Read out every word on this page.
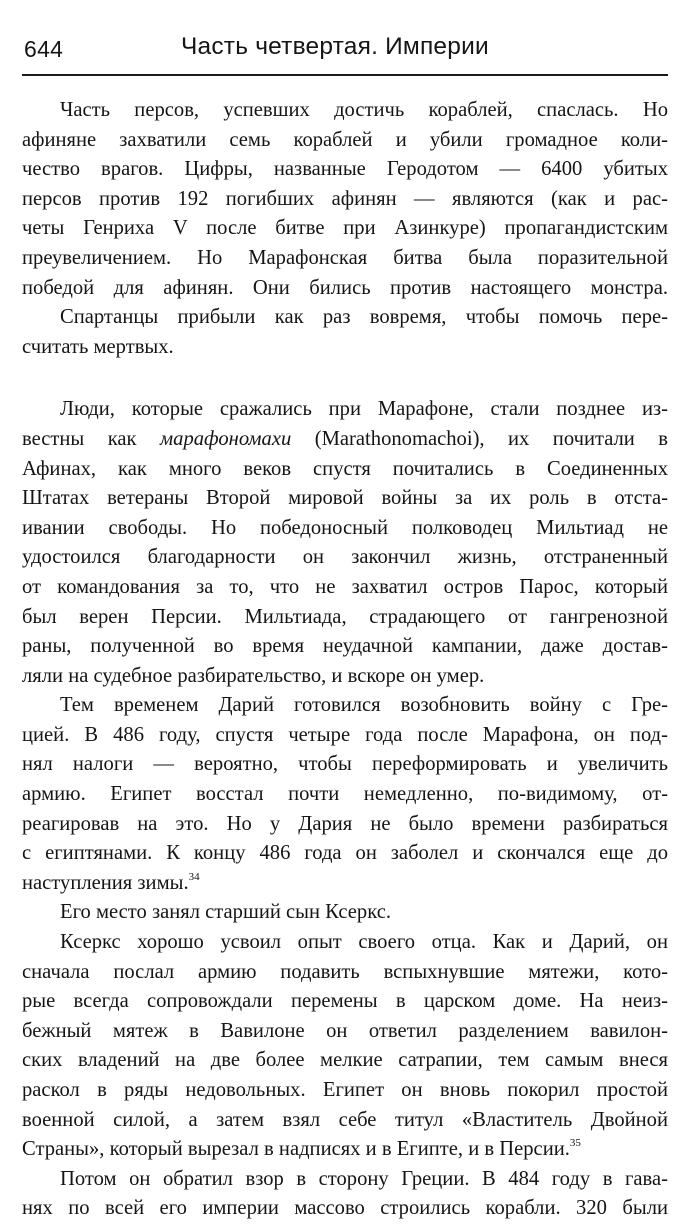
644	Часть четвертая. Империи
Часть персов, успевших достичь кораблей, спаслась. Но
афиняне захватили семь кораблей и убили громадное коли-
чество врагов. Цифры, названные Геродотом — 6400 убитых
персов против 192 погибших афинян — являются (как и рас-
четы Генриха V после битве при Азинкуре) пропагандистским
преувеличением. Но Марафонская битва была поразительной
победой для афинян. Они бились против настоящего монстра.
Спартанцы прибыли как раз вовремя, чтобы помочь пере-
считать мертвых.
Люди, которые сражались при Марафоне, стали позднее из-
вестны как марафономахи (Marathonomachoi), их почитали в
Афинах, как много веков спустя почитались в Соединенных
Штатах ветераны Второй мировой войны за их роль в отста-
ивании свободы. Но победоносный полководец Мильтиад не
удостоился благодарности он закончил жизнь, отстраненный
от командования за то, что не захватил остров Парос, который
был верен Персии. Мильтиада, страдающего от гангренозной
раны, полученной во время неудачной кампании, даже достав-
ляли на судебное разбирательство, и вскоре он умер.
Тем временем Дарий готовился возобновить войну с Гре-
цией. В 486 году, спустя четыре года после Марафона, он под-
нял налоги — вероятно, чтобы переформировать и увеличить
армию. Египет восстал почти немедленно, по-видимому, от-
реагировав на это. Но у Дария не было времени разбираться
с египтянами. К концу 486 года он заболел и скончался еще до
наступления зимы.$^{34}$
Его место занял старший сын Ксеркс.
Ксеркс хорошо усвоил опыт своего отца. Как и Дарий, он
сначала послал армию подавить вспыхнувшие мятежи, кото-
рые всегда сопровождали перемены в царском доме. На неиз-
бежный мятеж в Вавилоне он ответил разделением вавилон-
ских владений на две более мелкие сатрапии, тем самым внеся
раскол в ряды недовольных. Египет он вновь покорил простой
военной силой, а затем взял себе титул «Властитель Двойной
Страны», который вырезал в надписях и в Египте, и в Персии.$^{35}$
Потом он обратил взор в сторону Греции. В 484 году в гава-
нях по всей его империи массово строились корабли. 320 были
